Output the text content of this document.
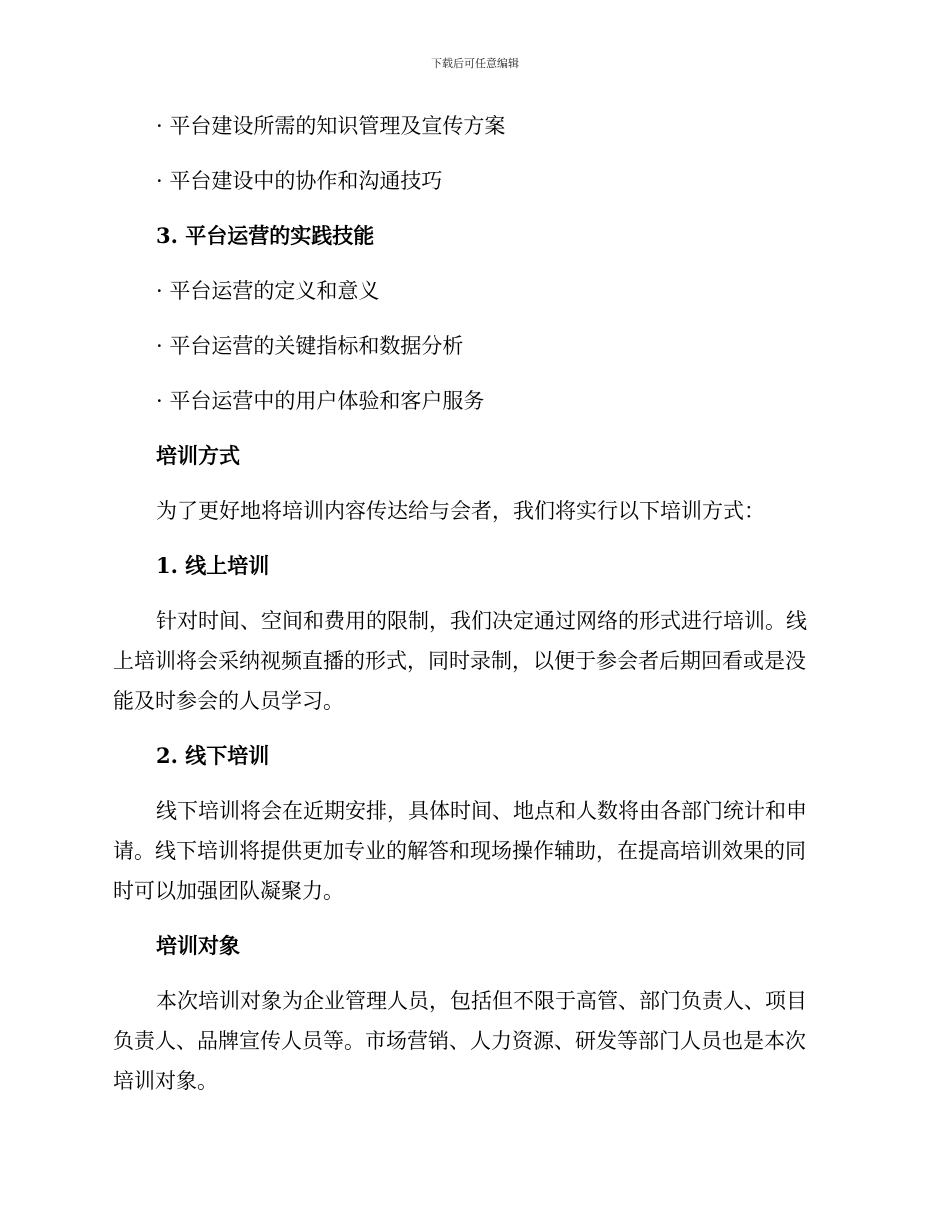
下载后可任意编辑

· 平台建设所需的知识管理及宣传方案

· 平台建设中的协作和沟通技巧

3. 平台运营的实践技能

· 平台运营的定义和意义

· 平台运营的关键指标和数据分析

· 平台运营中的用户体验和客户服务

培训方式

为了更好地将培训内容传达给与会者，我们将实行以下培训方式：

1. 线上培训

针对时间、空间和费用的限制，我们决定通过网络的形式进行培训。线

上培训将会采纳视频直播的形式，同时录制，以便于参会者后期回看或是没

能及时参会的人员学习。

2. 线下培训

线下培训将会在近期安排，具体时间、地点和人数将由各部门统计和申

请。线下培训将提供更加专业的解答和现场操作辅助，在提高培训效果的同

时可以加强团队凝聚力。

培训对象

本次培训对象为企业管理人员，包括但不限于高管、部门负责人、项目

负责人、品牌宣传人员等。市场营销、人力资源、研发等部门人员也是本次

培训对象。
